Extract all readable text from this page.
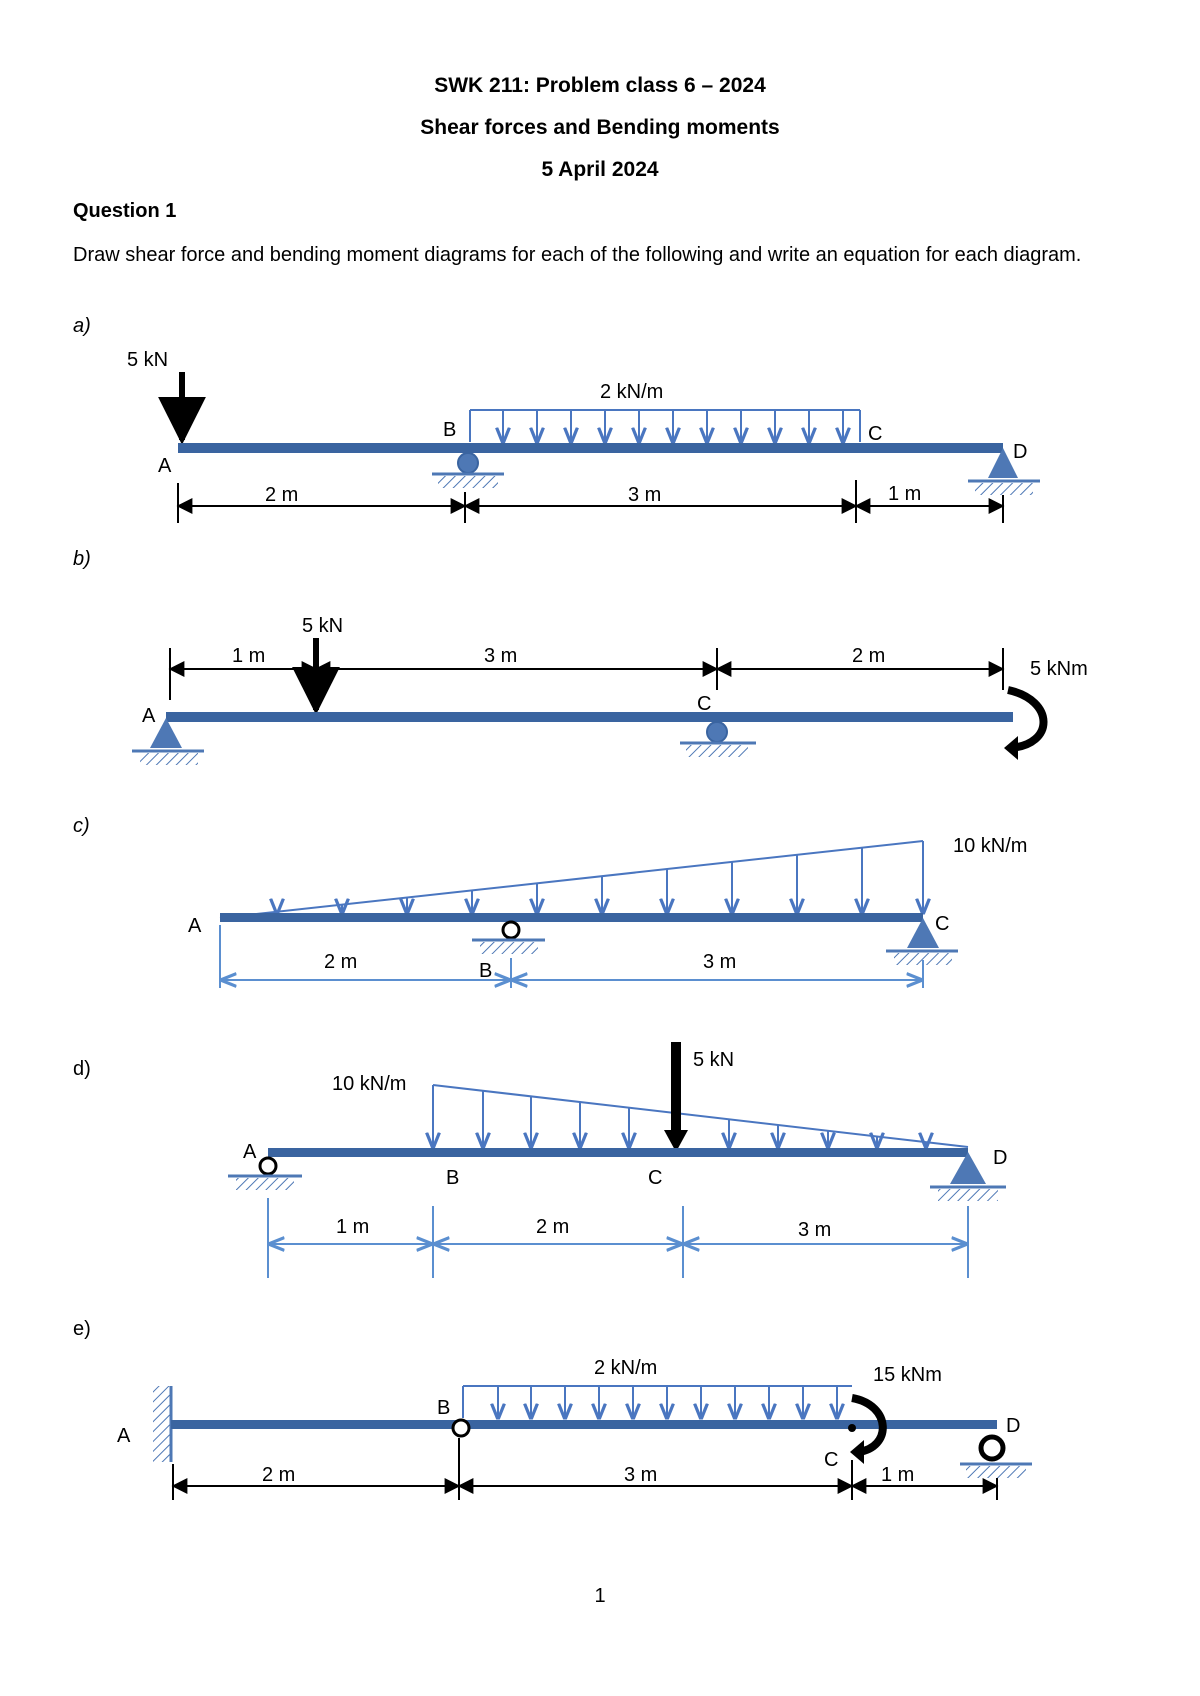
SWK 211: Problem class 6 – 2024
Shear forces and Bending moments
5 April 2024
Question 1
Draw shear force and bending moment diagrams for each of the following and write an equation for each diagram.
a)
b)
c)
d)
e)
5 kN
2 kN/m
A
B	C
D
2 m	3 m	1 m
5 kN
1 m	3 m	2 m
5 kNm
A
C
10 kN/m
A
B
C
2 m	3 m
10 kN/m
5 kN
A
B	C
D
1 m	2 m	3 m
A
2 kN/m
B
15 kNm
C
D
2 m	3 m	1 m
1
